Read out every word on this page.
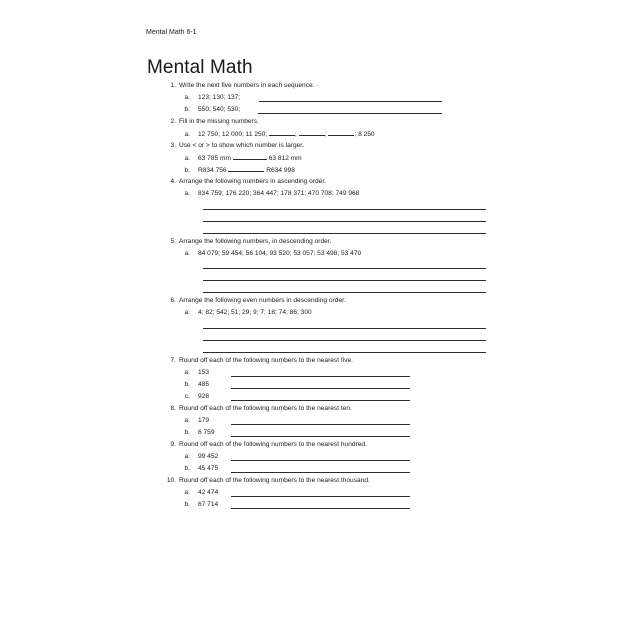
Mental Math 6-1
Mental Math
1. Write the next five numbers in each sequence. ·
a. 123; 130; 137;
b. 550; 540; 530;
2. Fill in the missing numbers.
a. 12 750; 12 000; 11 250;	;	;	; 8 250
3. Use < or > to show which number is larger.
a. 63 785 mm	63 812 mm
b. R834 756	R634 998
4. Arrange the following numbers in ascending order.
a. 834 759; 176 220; 364 447; 178 371; 470 708; 749 968
5. Arrange the following numbers, in descending order.
a. 84 079; 59 454; 56 104; 93 520; 53 057; 53 498; 53 470
6. Arrange the following even numbers in descending order.
a. 4; 82; 542; 51; 29; 9; 7; 18; 74; 86; 300
7. Round off each of the following numbers to the nearest five.
a. 153
b. 485
c. 928
8. Round off each of the following numbers to the nearest ten.
a. 179
b. 6 759
9. Round off each of the following numbers to the nearest hundred.
a. 99 452
b. 45 475
10. Round off each of the following numbers to the nearest thousand.
a. 42 474
b. 67 714
